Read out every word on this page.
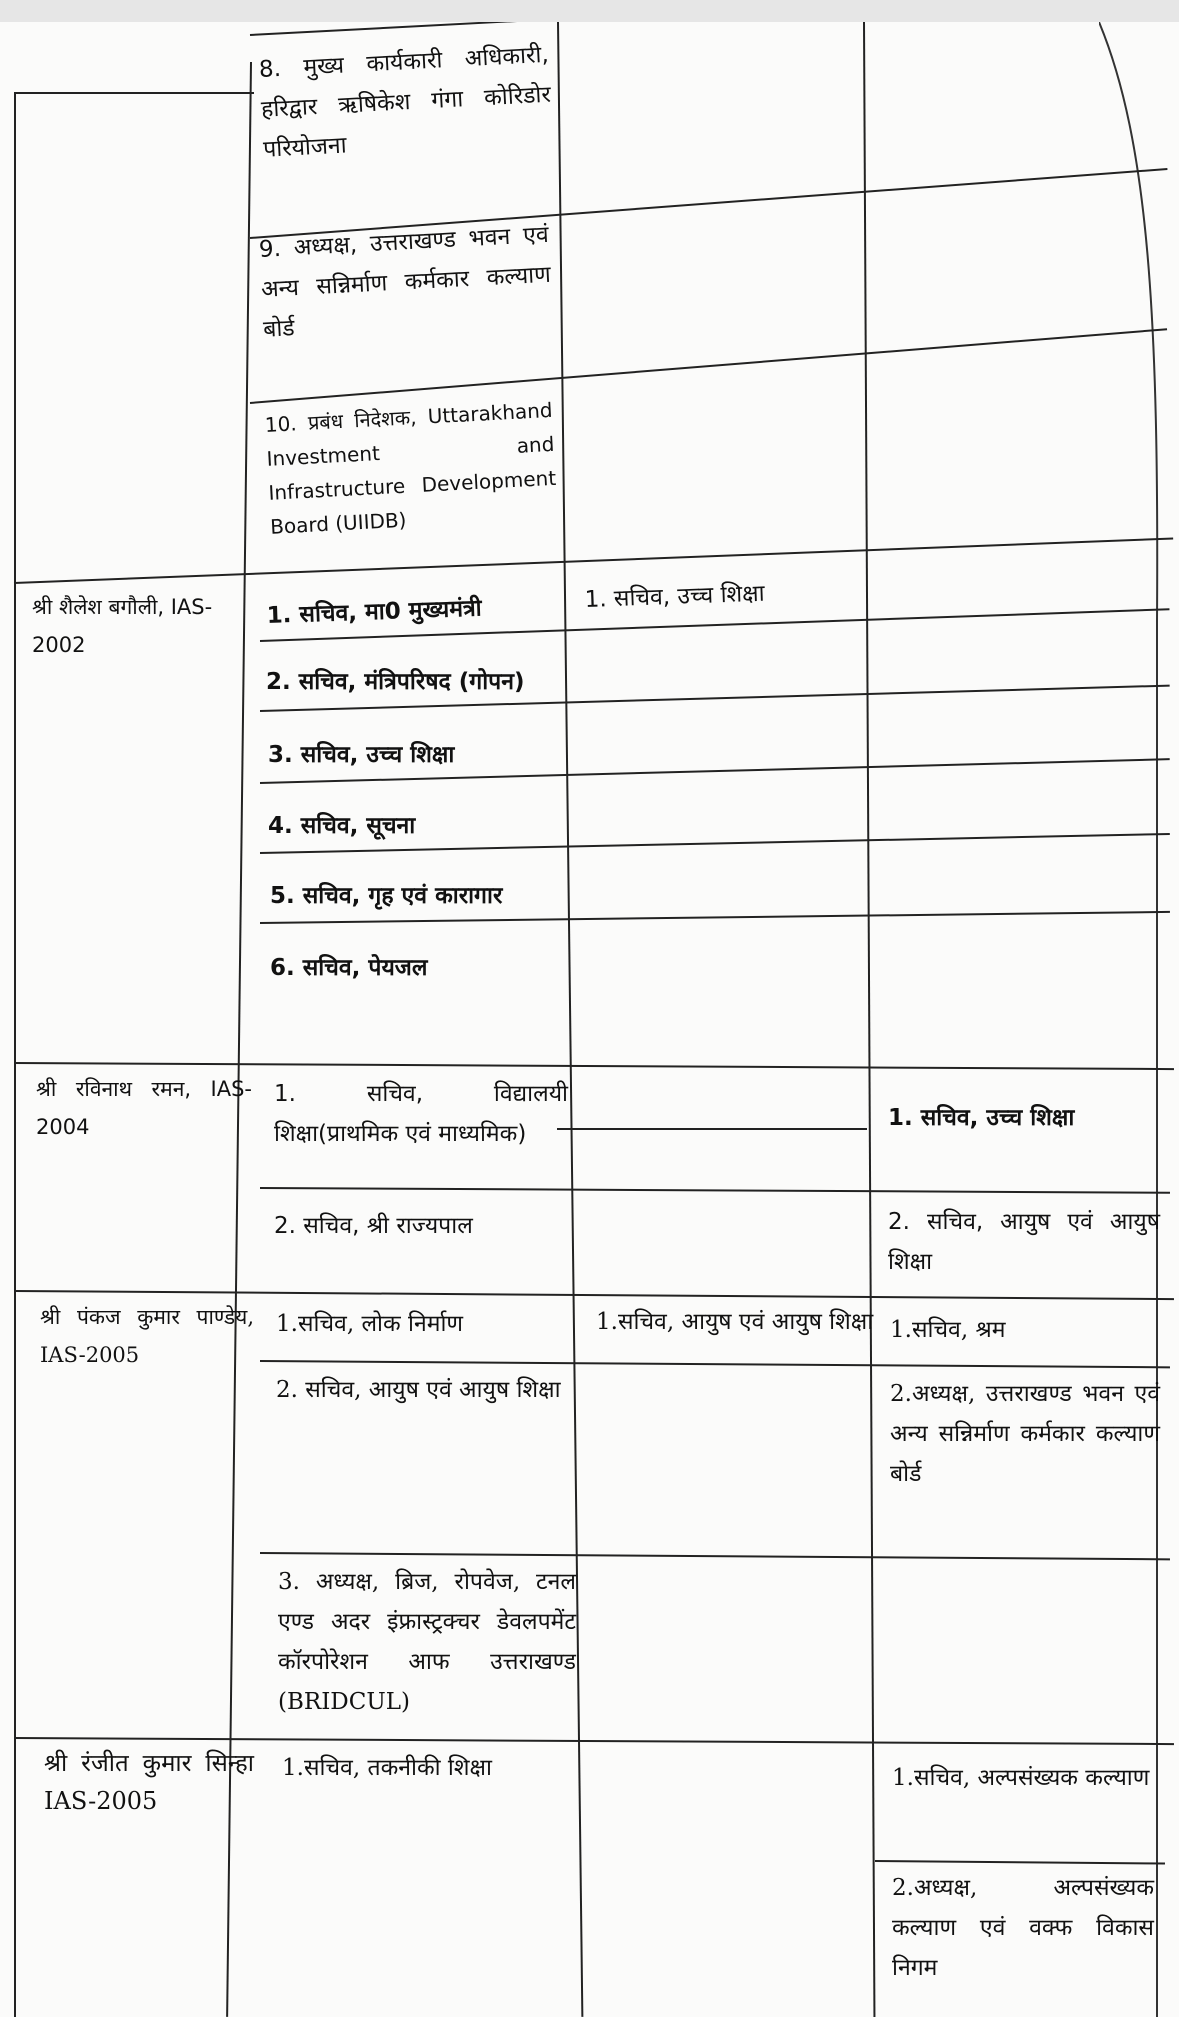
8. मुख्य कार्यकारी अधिकारी, हरिद्वार ऋषिकेश गंगा कोरिडोर परियोजना
9. अध्यक्ष, उत्तराखण्ड भवन एवं अन्य सन्निर्माण कर्मकार कल्याण बोर्ड
10. प्रबंध निदेशक, Uttarakhand Investment and Infrastructure Development Board (UIIDB)
श्री शैलेश बगौली, IAS-2002
1. सचिव, मा0 मुख्यमंत्री
2. सचिव, मंत्रिपरिषद (गोपन)
3. सचिव, उच्च शिक्षा
4. सचिव, सूचना
5. सचिव, गृह एवं कारागार
6. सचिव, पेयजल
1. सचिव, उच्च शिक्षा
श्री रविनाथ रमन, IAS-2004
1. सचिव, विद्यालयी शिक्षा(प्राथमिक एवं माध्यमिक)
2. सचिव, श्री राज्यपाल
1. सचिव, उच्च शिक्षा
2. सचिव, आयुष एवं आयुष शिक्षा
श्री पंकज कुमार पाण्डेय, IAS-2005
1.सचिव, लोक निर्माण
2. सचिव, आयुष एवं आयुष शिक्षा
3. अध्यक्ष, ब्रिज, रोपवेज, टनल एण्ड अदर इंफ्रास्ट्रक्चर डेवलपमेंट कॉरपोरेशन आफ उत्तराखण्ड (BRIDCUL)
1.सचिव, आयुष एवं आयुष शिक्षा 1.सचिव, श्रम
2.अध्यक्ष, उत्तराखण्ड भवन एवं अन्य सन्निर्माण कर्मकार कल्याण बोर्ड
श्री रंजीत कुमार सिन्हा IAS-2005
1.सचिव, तकनीकी शिक्षा	1.सचिव, अल्पसंख्यक कल्याण
2.अध्यक्ष, अल्पसंख्यक कल्याण एवं वक्फ विकास निगम
